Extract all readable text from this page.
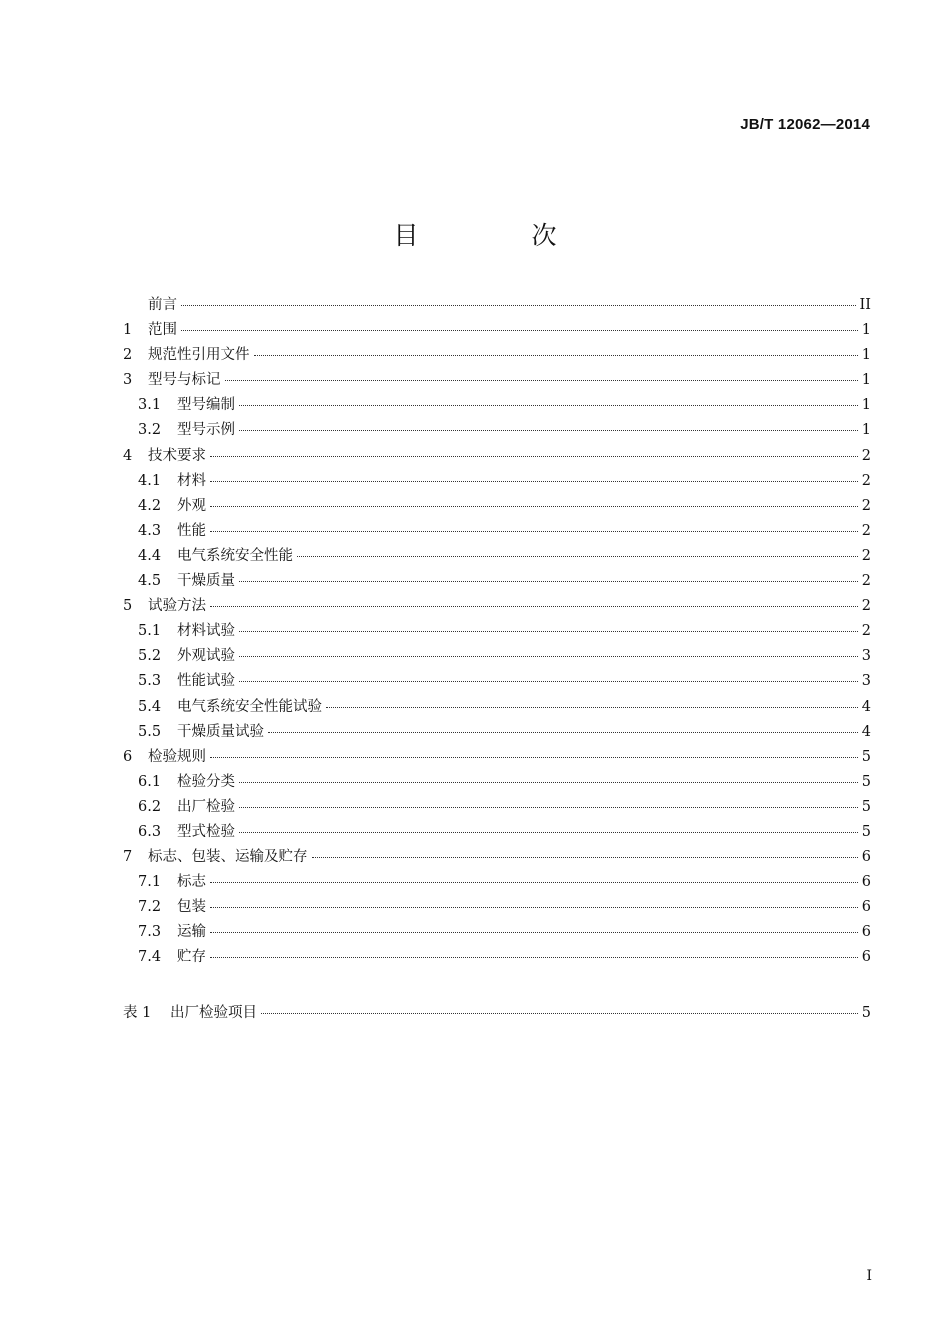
JB/T 12062—2014
目　次
前言	II
1	范围	1
2	规范性引用文件	1
3	型号与标记	1
3.1	型号编制	1
3.2	型号示例	1
4	技术要求	2
4.1	材料	2
4.2	外观	2
4.3	性能	2
4.4	电气系统安全性能	2
4.5	干燥质量	2
5	试验方法	2
5.1	材料试验	2
5.2	外观试验	3
5.3	性能试验	3
5.4	电气系统安全性能试验	4
5.5	干燥质量试验	4
6	检验规则	5
6.1	检验分类	5
6.2	出厂检验	5
6.3	型式检验	5
7	标志、包装、运输及贮存	6
7.1	标志	6
7.2	包装	6
7.3	运输	6
7.4	贮存	6
表 1	出厂检验项目	5
I
